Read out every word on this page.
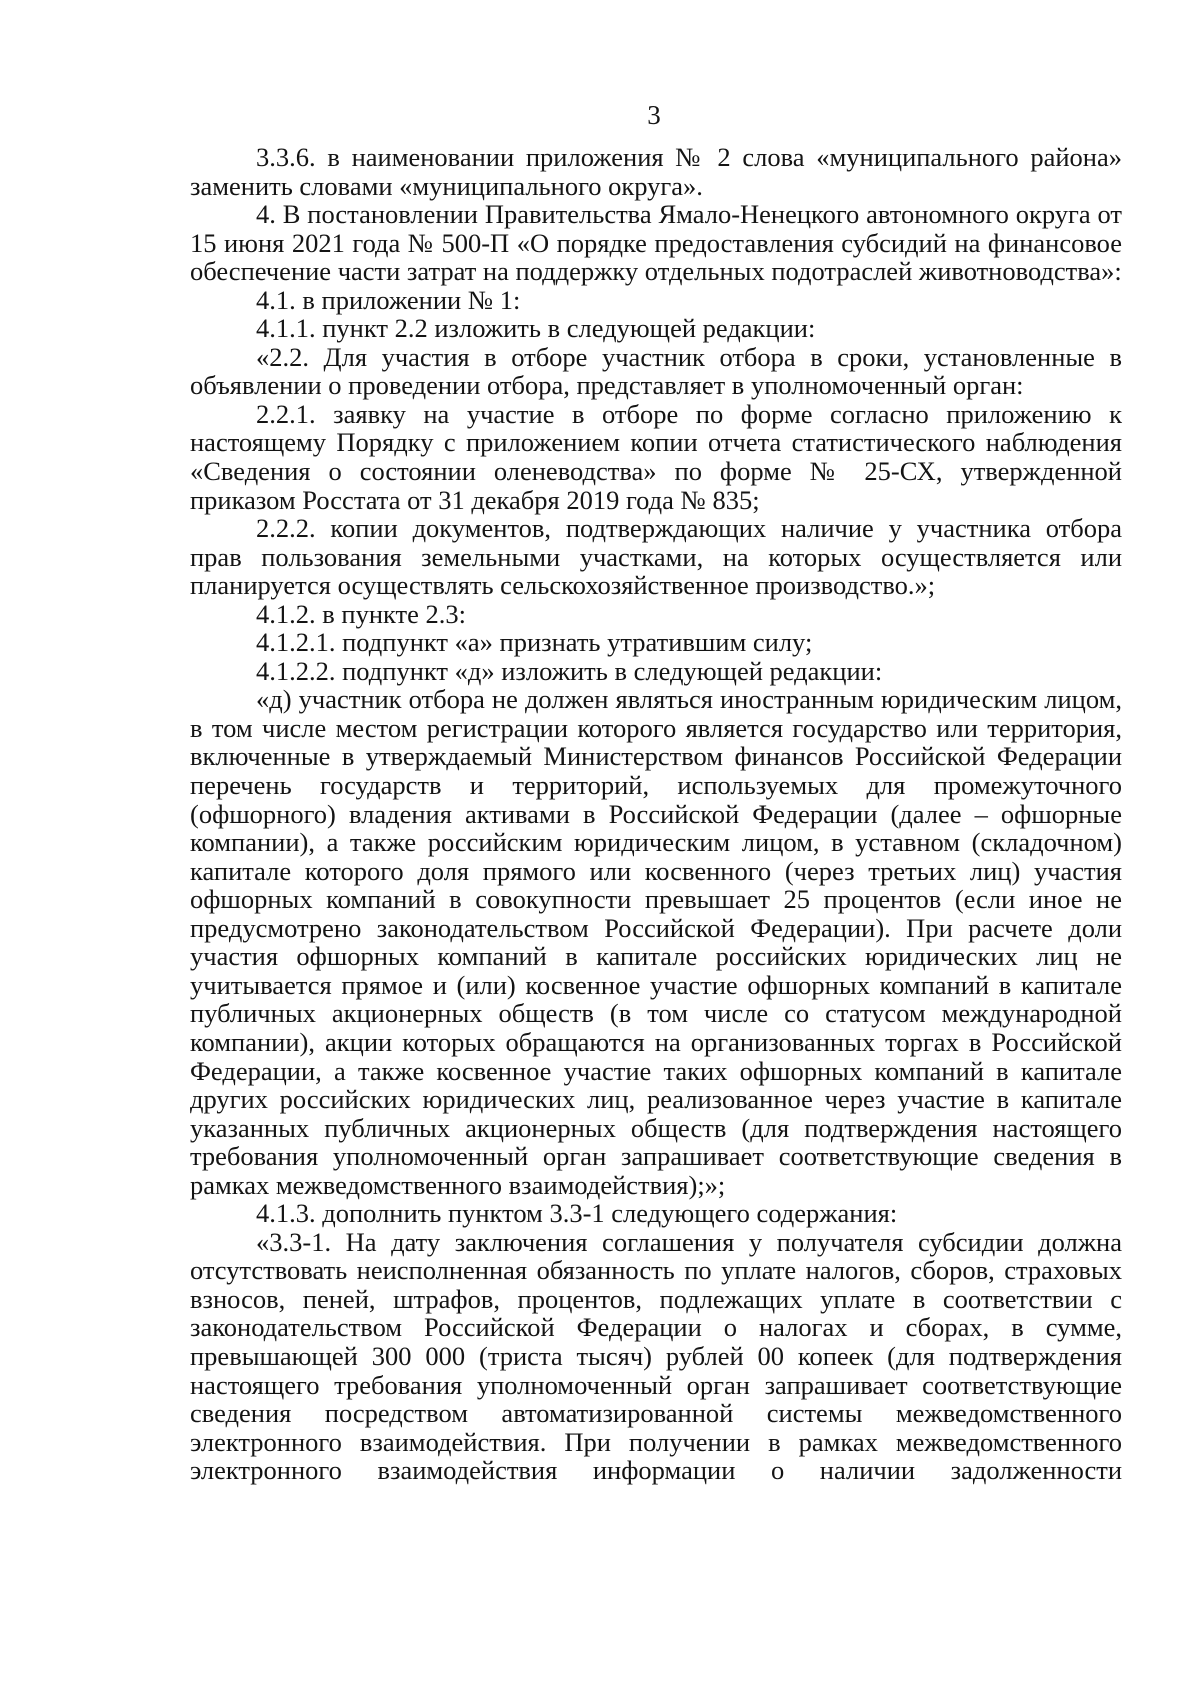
3

3.3.6. в наименовании приложения № 2 слова «муниципального района» заменить словами «муниципального округа».

4. В постановлении Правительства Ямало-Ненецкого автономного округа от 15 июня 2021 года № 500-П «О порядке предоставления субсидий на финансовое обеспечение части затрат на поддержку отдельных подотраслей животноводства»:

4.1. в приложении № 1:

4.1.1. пункт 2.2 изложить в следующей редакции:

«2.2. Для участия в отборе участник отбора в сроки, установленные в объявлении о проведении отбора, представляет в уполномоченный орган:

2.2.1. заявку на участие в отборе по форме согласно приложению к настоящему Порядку с приложением копии отчета статистического наблюдения «Сведения о состоянии оленеводства» по форме № 25-СХ, утвержденной приказом Росстата от 31 декабря 2019 года № 835;

2.2.2. копии документов, подтверждающих наличие у участника отбора прав пользования земельными участками, на которых осуществляется или планируется осуществлять сельскохозяйственное производство.»;

4.1.2. в пункте 2.3:

4.1.2.1. подпункт «а» признать утратившим силу;

4.1.2.2. подпункт «д» изложить в следующей редакции:

«д) участник отбора не должен являться иностранным юридическим лицом, в том числе местом регистрации которого является государство или территория, включенные в утверждаемый Министерством финансов Российской Федерации перечень государств и территорий, используемых для промежуточного (офшорного) владения активами в Российской Федерации (далее – офшорные компании), а также российским юридическим лицом, в уставном (складочном) капитале которого доля прямого или косвенного (через третьих лиц) участия офшорных компаний в совокупности превышает 25 процентов (если иное не предусмотрено законодательством Российской Федерации). При расчете доли участия офшорных компаний в капитале российских юридических лиц не учитывается прямое и (или) косвенное участие офшорных компаний в капитале публичных акционерных обществ (в том числе со статусом международной компании), акции которых обращаются на организованных торгах в Российской Федерации, а также косвенное участие таких офшорных компаний в капитале других российских юридических лиц, реализованное через участие в капитале указанных публичных акционерных обществ (для подтверждения настоящего требования уполномоченный орган запрашивает соответствующие сведения в рамках межведомственного взаимодействия);»;

4.1.3. дополнить пунктом 3.3-1 следующего содержания:

«3.3-1. На дату заключения соглашения у получателя субсидии должна отсутствовать неисполненная обязанность по уплате налогов, сборов, страховых взносов, пеней, штрафов, процентов, подлежащих уплате в соответствии с законодательством Российской Федерации о налогах и сборах, в сумме, превышающей 300 000 (триста тысяч) рублей 00 копеек (для подтверждения настоящего требования уполномоченный орган запрашивает соответствующие сведения посредством автоматизированной системы межведомственного электронного взаимодействия. При получении в рамках межведомственного электронного взаимодействия информации о наличии задолженности
